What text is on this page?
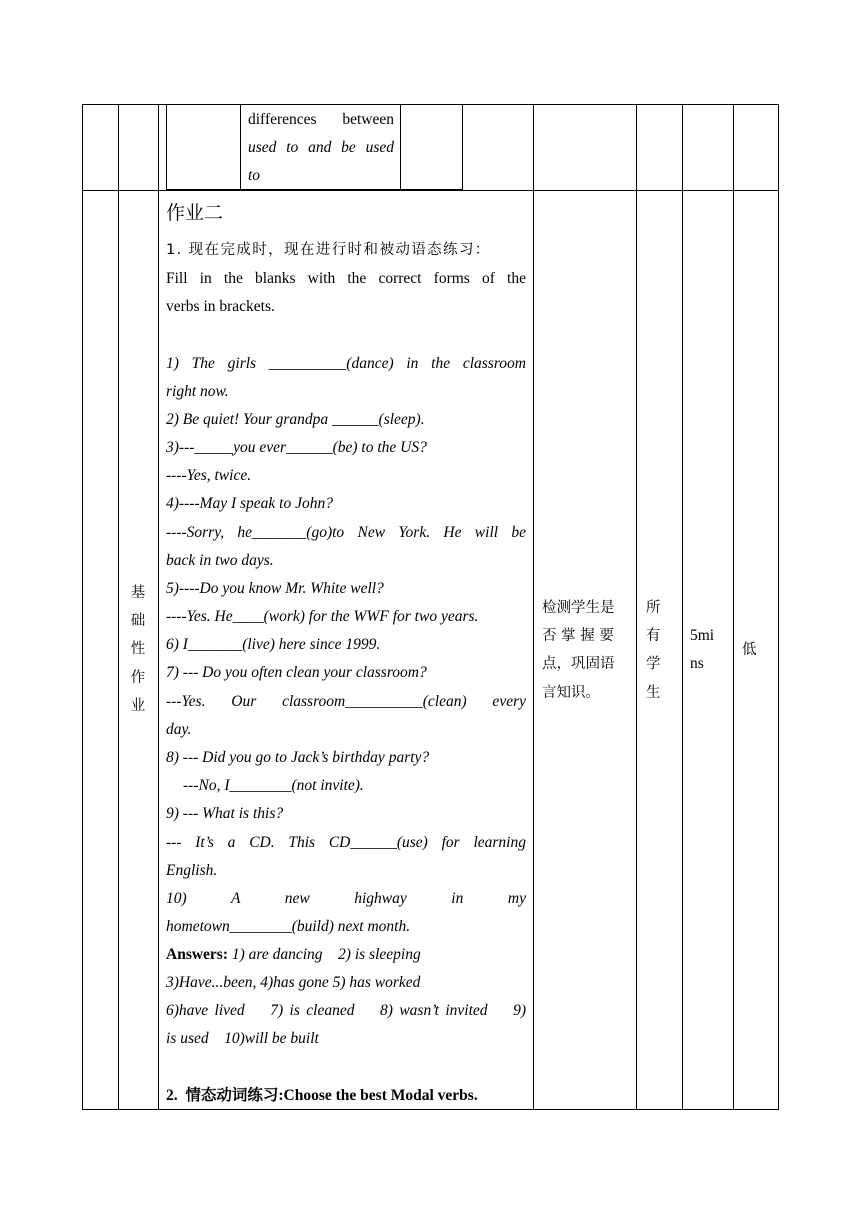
differences between
used to and be used
to
基
础
性
作
业
作业二
1. 现在完成时，现在进行时和被动语态练习：
Fill in the blanks with the correct forms of the
verbs in brackets.
1) The girls __________(dance) in the classroom
right now.
2) Be quiet! Your grandpa ______(sleep).
3)---_____you ever______(be) to the US?
----Yes, twice.
4)----May I speak to John?
----Sorry, he_______(go)to New York. He will be
back in two days.
5)----Do you know Mr. White well?
----Yes. He____(work) for the WWF for two years.
6) I_______(live) here since 1999.
7) --- Do you often clean your classroom?
---Yes. Our classroom__________(clean) every
day.
8) --- Did you go to Jack’s birthday party?
---No, I________(not invite).
9) --- What is this?
--- It’s a CD. This CD______(use) for learning
English.
10) A new highway in my
hometown________(build) next month.
Answers: 1) are dancing    2) is sleeping
3)Have...been, 4)has gone 5) has worked
6)have lived    7) is cleaned    8) wasn’t invited    9)
is used    10)will be built
2.  情态动词练习:Choose the best Modal verbs.
检测学生是
否 掌 握 要
点，巩固语
言知识。
所
有
学
生
5mi
ns
低
